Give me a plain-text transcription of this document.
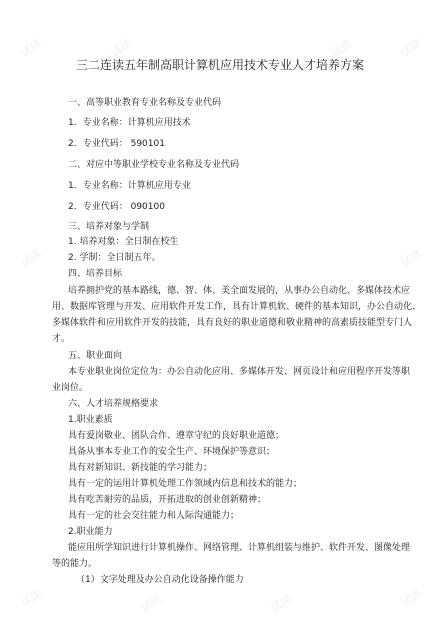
三二连读五年制高职计算机应用技术专业人才培养方案
一、高等职业教育专业名称及专业代码
1．专业名称：计算机应用技术
2．专业代码： 590101
二、对应中等职业学校专业名称及专业代码
1．专业名称：计算机应用专业
2．专业代码： 090100
三、培养对象与学制
1. 培养对象：全日制在校生
2. 学制：全日制五年。
四、培养目标
培养拥护党的基本路线，德、智、体、美全面发展的，从事办公自动化、多媒体技术应
用、数据库管理与开发、应用软件开发工作，具有计算机软、硬件的基本知识，办公自动化、
多媒体软件和应用软件开发的技能，具有良好的职业道德和敬业精神的高素质技能型专门人
才。
五、职业面向
本专业职业岗位定位为：办公自动化应用、多媒体开发、网页设计和应用程序开发等职
业岗位。
六、人才培养规格要求
1.职业素质
具有爱岗敬业、团队合作、遵章守纪的良好职业道德；
具备从事本专业工作的安全生产、环境保护等意识；
具有对新知识、新技能的学习能力；
具有一定的运用计算机处理工作领域内信息和技术的能力；
具有吃苦耐劳的品质，开拓进取的创业创新精神；
具有一定的社会交往能力和人际沟通能力；
2.职业能力
能应用所学知识进行计算机操作、网络管理、计算机组装与维护、软件开发、图像处理
等的能力。
（1）文字处理及办公自动化设备操作能力
试读	试读	试读	试读
试读	试读
试读	试读	试读	试读
